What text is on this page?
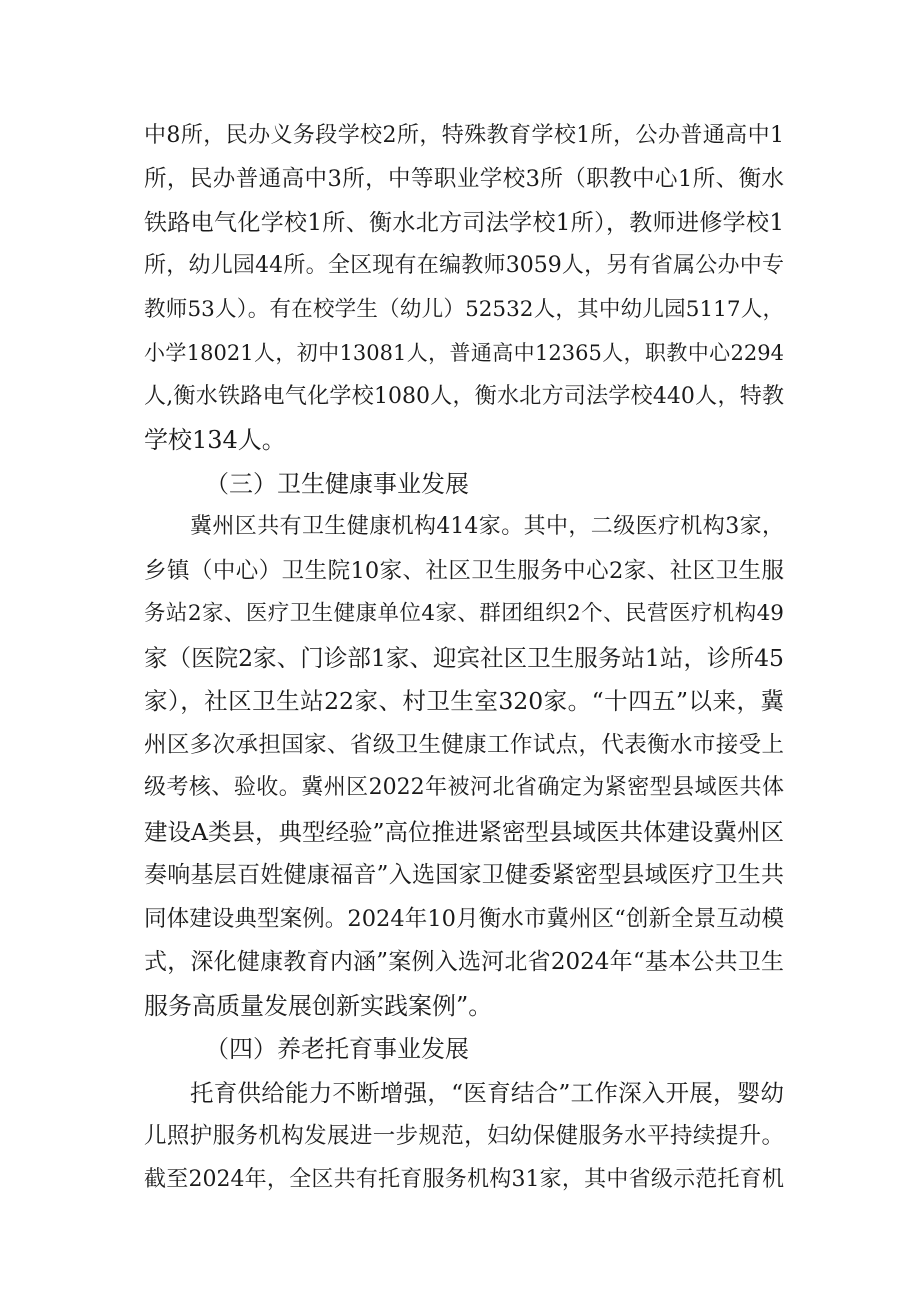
中8所，民办义务段学校2所，特殊教育学校1所，公办普通高中1
所，民办普通高中3所，中等职业学校3所（职教中心1所、衡水
铁路电气化学校1所、衡水北方司法学校1所），教师进修学校1
所，幼儿园44所。全区现有在编教师3059人，另有省属公办中专
教师53人）。有在校学生（幼儿）52532人，其中幼儿园5117人，
小学18021人，初中13081人，普通高中12365人，职教中心2294
人,衡水铁路电气化学校1080人，衡水北方司法学校440人，特教
学校134人。
（三）卫生健康事业发展
冀州区共有卫生健康机构414家。其中，二级医疗机构3家，
乡镇（中心）卫生院10家、社区卫生服务中心2家、社区卫生服
务站2家、医疗卫生健康单位4家、群团组织2个、民营医疗机构49
家（医院2家、门诊部1家、迎宾社区卫生服务站1站，诊所45
家），社区卫生站22家、村卫生室320家。“十四五”以来，冀
州区多次承担国家、省级卫生健康工作试点，代表衡水市接受上
级考核、验收。冀州区2022年被河北省确定为紧密型县域医共体
建设A类县，典型经验”高位推进紧密型县域医共体建设冀州区
奏响基层百姓健康福音”入选国家卫健委紧密型县域医疗卫生共
同体建设典型案例。2024年10月衡水市冀州区“创新全景互动模
式，深化健康教育内涵”案例入选河北省2024年“基本公共卫生
服务高质量发展创新实践案例”。
（四）养老托育事业发展
托育供给能力不断增强，“医育结合”工作深入开展，婴幼
儿照护服务机构发展进一步规范，妇幼保健服务水平持续提升。
截至2024年，全区共有托育服务机构31家，其中省级示范托育机
